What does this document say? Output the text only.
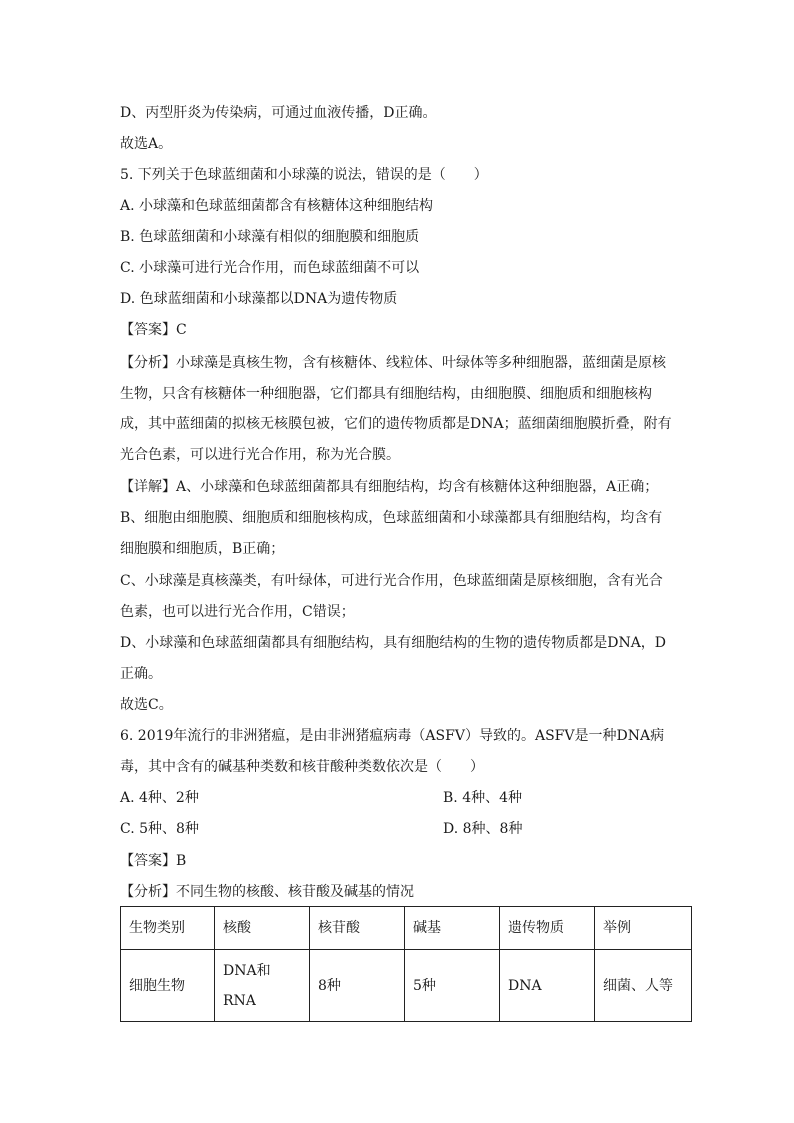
D、丙型肝炎为传染病，可通过血液传播，D正确。
故选A。
5. 下列关于色球蓝细菌和小球藻的说法，错误的是（　　）
A. 小球藻和色球蓝细菌都含有核糖体这种细胞结构
B. 色球蓝细菌和小球藻有相似的细胞膜和细胞质
C. 小球藻可进行光合作用，而色球蓝细菌不可以
D. 色球蓝细菌和小球藻都以DNA为遗传物质
【答案】C
【分析】小球藻是真核生物，含有核糖体、线粒体、叶绿体等多种细胞器，蓝细菌是原核
生物，只含有核糖体一种细胞器，它们都具有细胞结构，由细胞膜、细胞质和细胞核构
成，其中蓝细菌的拟核无核膜包被，它们的遗传物质都是DNA；蓝细菌细胞膜折叠，附有
光合色素，可以进行光合作用，称为光合膜。
【详解】A、小球藻和色球蓝细菌都具有细胞结构，均含有核糖体这种细胞器，A正确；
B、细胞由细胞膜、细胞质和细胞核构成，色球蓝细菌和小球藻都具有细胞结构，均含有
细胞膜和细胞质，B正确；
C、小球藻是真核藻类，有叶绿体，可进行光合作用，色球蓝细菌是原核细胞，含有光合
色素，也可以进行光合作用，C错误；
D、小球藻和色球蓝细菌都具有细胞结构，具有细胞结构的生物的遗传物质都是DNA，D
正确。
故选C。
6. 2019年流行的非洲猪瘟，是由非洲猪瘟病毒（ASFV）导致的。ASFV是一种DNA病
毒，其中含有的碱基种类数和核苷酸种类数依次是（　　）
A. 4种、2种	B. 4种、4种
C. 5种、8种	D. 8种、8种
【答案】B
【分析】不同生物的核酸、核苷酸及碱基的情况
生物类别	核酸	核苷酸	碱基	遗传物质	举例
细胞生物	DNA和
RNA	8种	5种	DNA	细菌、人等
